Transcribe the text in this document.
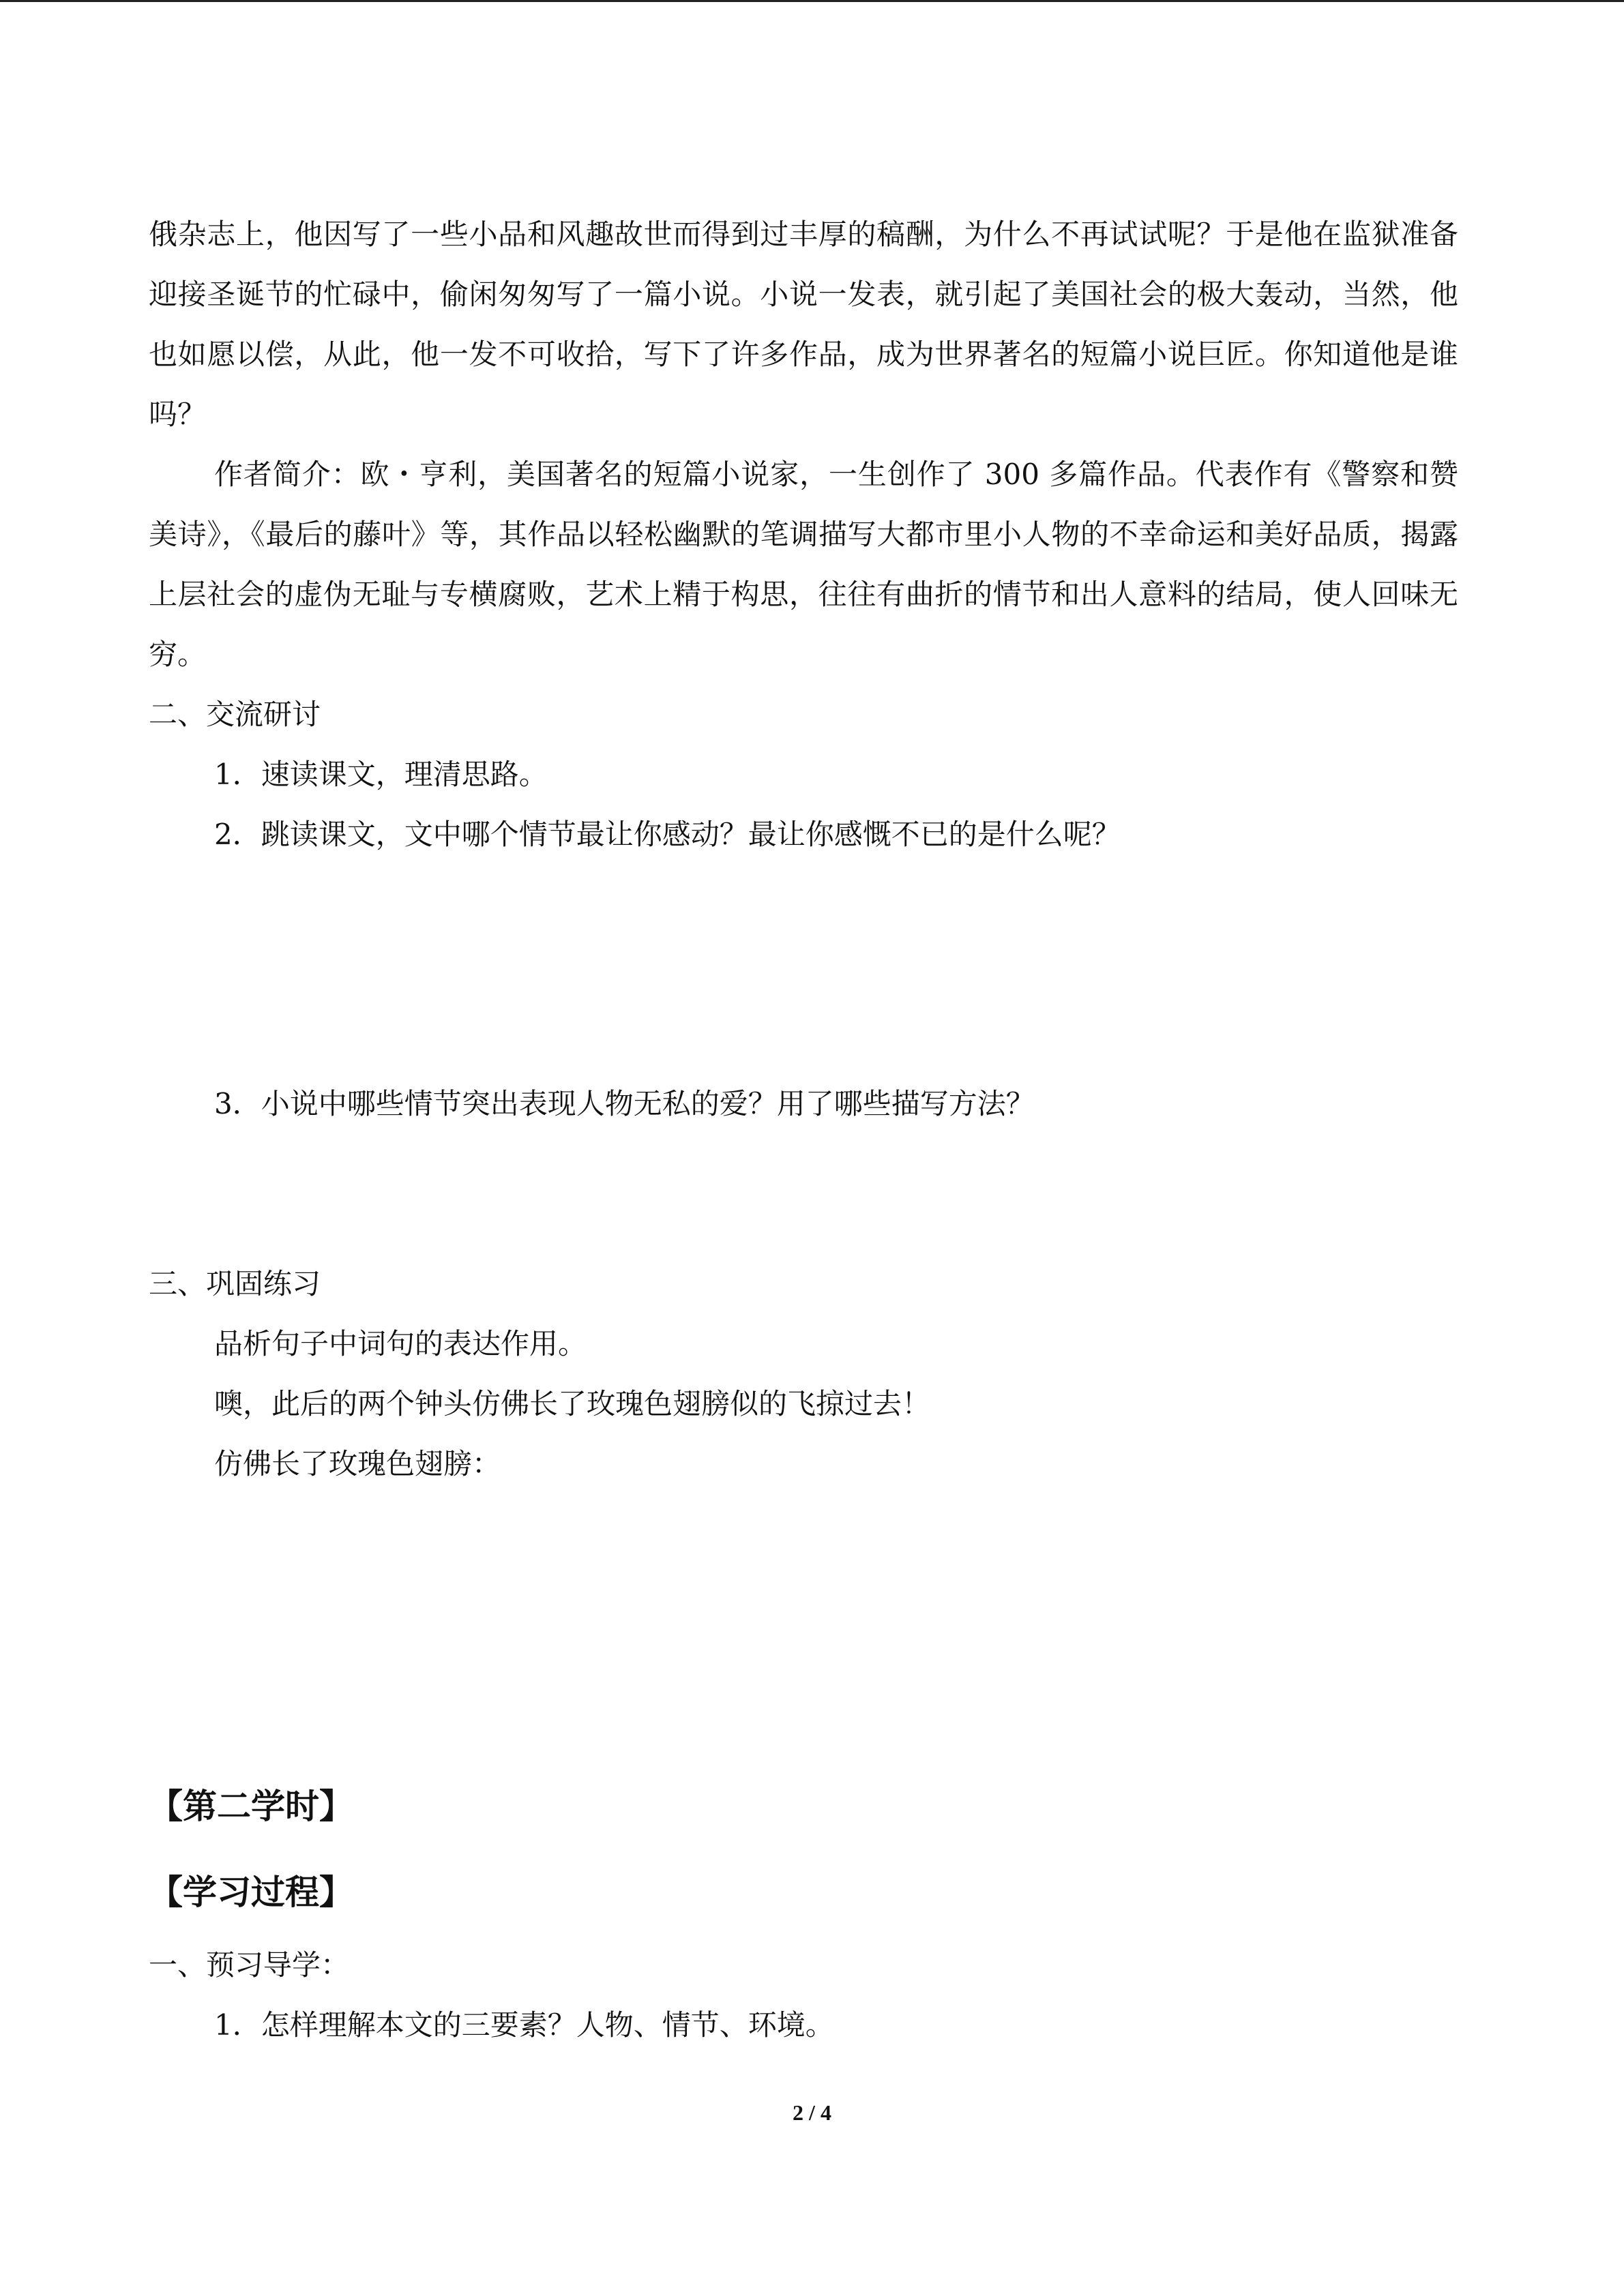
俄杂志上，他因写了一些小品和风趣故世而得到过丰厚的稿酬，为什么不再试试呢？于是他在监狱准备迎接圣诞节的忙碌中，偷闲匆匆写了一篇小说。小说一发表，就引起了美国社会的极大轰动，当然，他也如愿以偿，从此，他一发不可收拾，写下了许多作品，成为世界著名的短篇小说巨匠。你知道他是谁吗？

作者简介：欧・亨利，美国著名的短篇小说家，一生创作了 300 多篇作品。代表作有《警察和赞美诗》，《最后的藤叶》等，其作品以轻松幽默的笔调描写大都市里小人物的不幸命运和美好品质，揭露上层社会的虚伪无耻与专横腐败，艺术上精于构思，往往有曲折的情节和出人意料的结局，使人回味无穷。

二、交流研讨

1．速读课文，理清思路。

2．跳读课文，文中哪个情节最让你感动？最让你感慨不已的是什么呢？

3．小说中哪些情节突出表现人物无私的爱？用了哪些描写方法？

三、巩固练习

品析句子中词句的表达作用。

噢，此后的两个钟头仿佛长了玫瑰色翅膀似的飞掠过去！

仿佛长了玫瑰色翅膀：

【第二学时】

【学习过程】

一、预习导学：

1．怎样理解本文的三要素？人物、情节、环境。

2 / 4
